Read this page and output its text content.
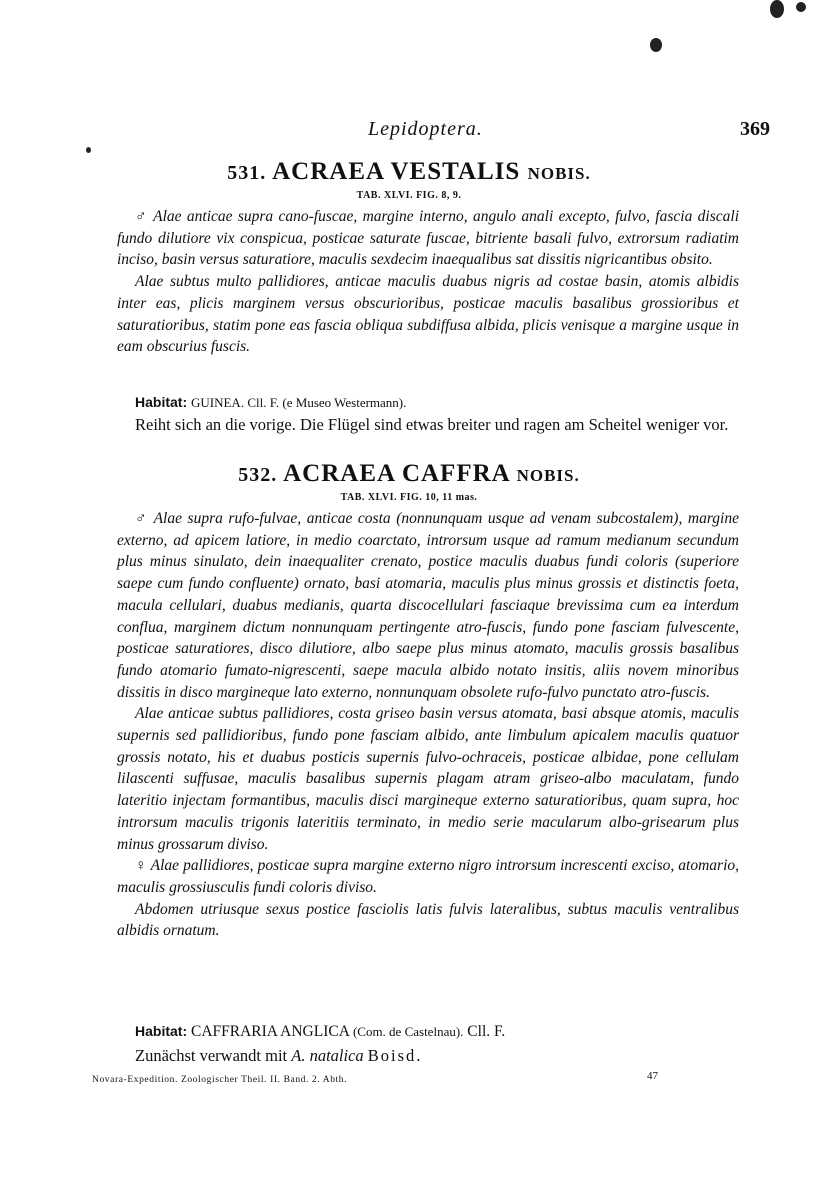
Lepidoptera.	369
531. ACRAEA VESTALIS NOBIS.
TAB. XLVI. FIG. 8, 9.

♂ Alae anticae supra cano-fuscae, margine interno, angulo anali excepto, fulvo, fascia discali fundo dilutiore vix conspicua, posticae saturate fuscae, bitriente basali fulvo, extrorsum radiatim inciso, basin versus saturatiore, maculis sexdecim inaequalibus sat dissitis nigricantibus obsito.

Alae subtus multo pallidiores, anticae maculis duabus nigris ad costae basin, atomis albidis inter eas, plicis marginem versus obscurioribus, posticae maculis basalibus grossioribus et saturatioribus, statim pone eas fascia obliqua subdiffusa albida, plicis venisque a margine usque in eam obscurius fuscis.

Habitat: GUINEA. Cll. F. (e Museo Westermann).
Reiht sich an die vorige. Die Flügel sind etwas breiter und ragen am Scheitel weniger vor.
532. ACRAEA CAFFRA NOBIS.
TAB. XLVI. FIG. 10, 11 mas.

♂ Alae supra rufo-fulvae, anticae costa (nonnunquam usque ad venam subcostalem), margine externo, ad apicem latiore, in medio coarctato, introrsum usque ad ramum medianum secundum plus minus sinulato, dein inaequaliter crenato, postice maculis duabus fundi coloris (superiore saepe cum fundo confluente) ornato, basi atomaria, maculis plus minus grossis et distinctis foeta, macula cellulari, duabus medianis, quarta discocellulari fasciaque brevissima cum ea interdum conflua, marginem dictum nonnunquam pertingente atro-fuscis, fundo pone fasciam fulvescente, posticae saturatiores, disco dilutiore, albo saepe plus minus atomato, maculis grossis basalibus fundo atomario fumato-nigrescenti, saepe macula albido notato insitis, aliis novem minoribus dissitis in disco margineque lato externo, nonnunquam obsolete rufo-fulvo punctato atro-fuscis.

Alae anticae subtus pallidiores, costa griseo basin versus atomata, basi absque atomis, maculis supernis sed pallidioribus, fundo pone fasciam albido, ante limbulum apicalem maculis quatuor grossis notato, his et duabus posticis supernis fulvo-ochraceis, posticae albidae, pone cellulam lilascenti suffusae, maculis basalibus supernis plagam atram griseo-albo maculatam, fundo lateritio injectam formantibus, maculis disci margineque externo saturatioribus, quam supra, hoc introrsum maculis trigonis lateritiis terminato, in medio serie macularum albo-grisearum plus minus grossarum diviso.

♀ Alae pallidiores, posticae supra margine externo nigro introrsum increscenti exciso, atomario, maculis grossiusculis fundi coloris diviso.

Abdomen utriusque sexus postice fasciolis latis fulvis lateralibus, subtus maculis ventralibus albidis ornatum.

Habitat: CAFFRARIA ANGLICA (Com. de Castelnau). Cll. F.
Zunächst verwandt mit A. natalica Boisd.
Novara-Expedition. Zoologischer Theil. II. Band. 2. Abth.	47
